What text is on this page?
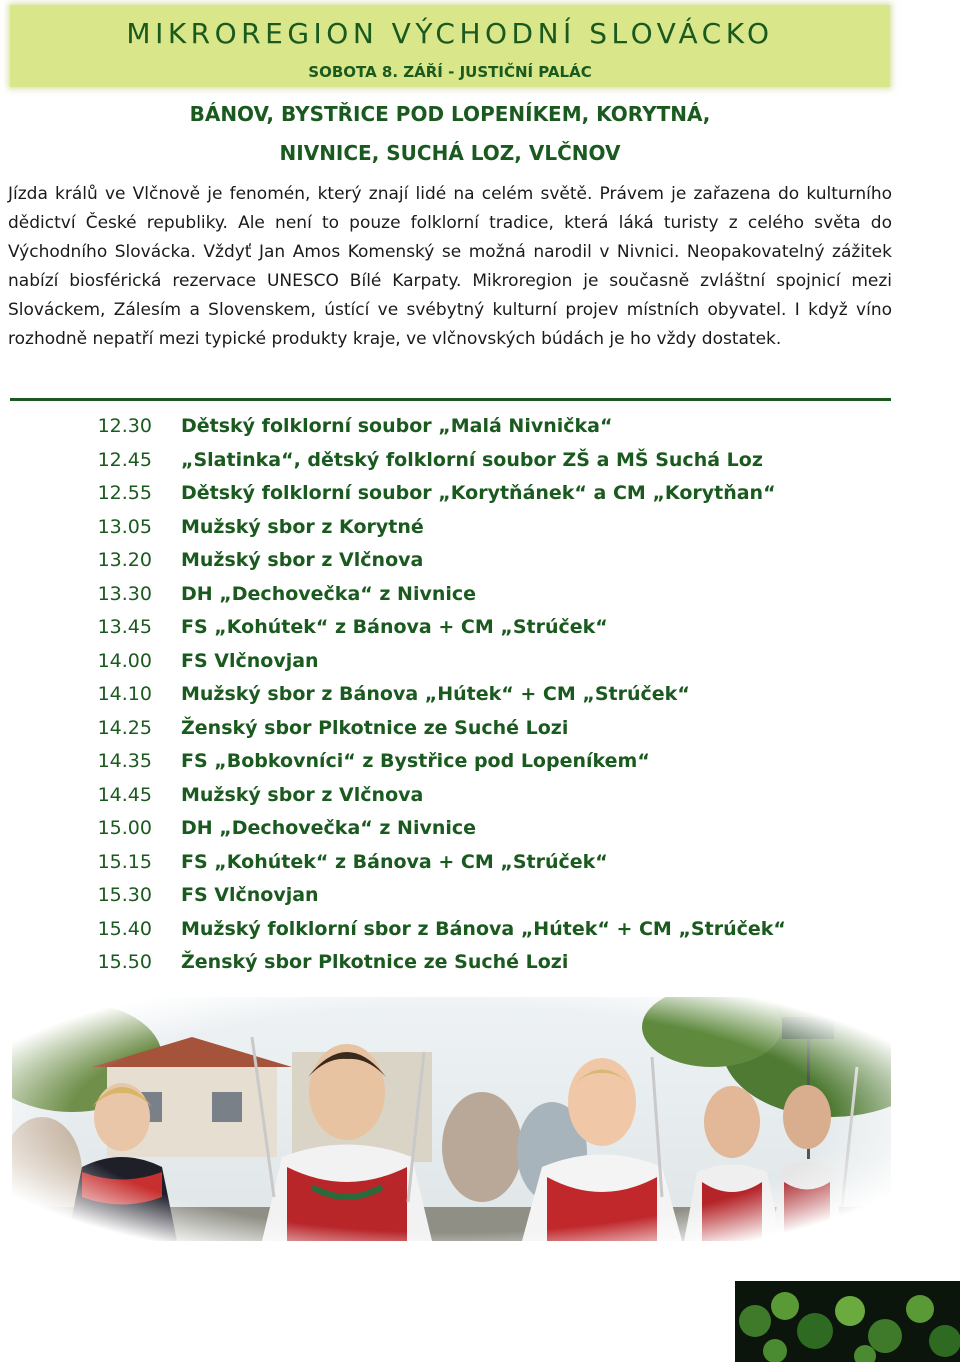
MIKROREGION VÝCHODNÍ SLOVÁCKO
SOBOTA 8. ZÁŘÍ - JUSTIČNÍ PALÁC
BÁNOV, BYSTŘICE POD LOPENÍKEM, KORYTNÁ,
NIVNICE, SUCHÁ LOZ, VLČNOV

Jízda králů ve Vlčnově je fenomén, který znají lidé na celém světě. Právem je zařazena do kulturního dědictví České republiky. Ale není to pouze folklorní tradice, která láká turisty z celého světa do Východního Slovácka. Vždyť Jan Amos Komenský se možná narodil v Nivnici. Neopakovatelný zážitek nabízí biosférická rezervace UNESCO Bílé Karpaty. Mikroregion je současně zvláštní spojnicí mezi Slováckem, Zálesím a Slovenskem, ústící ve svébytný kulturní projev místních obyvatel. I když víno rozhodně nepatří mezi typické produkty kraje, ve vlčnovských búdách je ho vždy dostatek.

12.30 Dětský folklorní soubor „Malá Nivnička“
12.45 „Slatinka“, dětský folklorní soubor ZŠ a MŠ Suchá Loz
12.55 Dětský folklorní soubor „Korytňánek“ a CM „Korytňan“
13.05 Mužský sbor z Korytné
13.20 Mužský sbor z Vlčnova
13.30 DH „Dechovečka“ z Nivnice
13.45 FS „Kohútek“ z Bánova + CM „Strúček“
14.00 FS Vlčnovjan
14.10 Mužský sbor z Bánova „Hútek“ + CM „Strúček“
14.25 Ženský sbor Plkotnice ze Suché Lozi
14.35 FS „Bobkovníci“ z Bystřice pod Lopeníkem“
14.45 Mužský sbor z Vlčnova
15.00 DH „Dechovečka“ z Nivnice
15.15 FS „Kohútek“ z Bánova + CM „Strúček“
15.30 FS Vlčnovjan
15.40 Mužský folklorní sbor z Bánova „Hútek“ + CM „Strúček“
15.50 Ženský sbor Plkotnice ze Suché Lozi
